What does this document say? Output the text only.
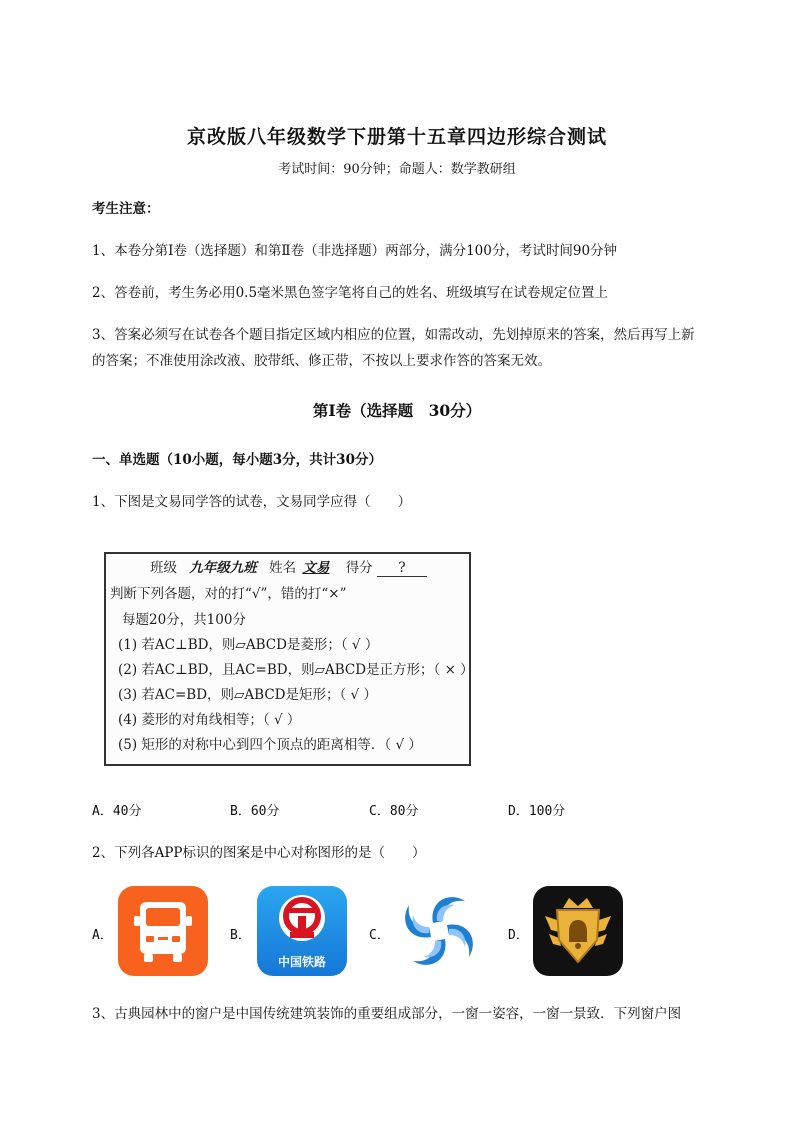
京改版八年级数学下册第十五章四边形综合测试
考试时间：90分钟；命题人：数学教研组
考生注意：
1、本卷分第I卷（选择题）和第Ⅱ卷（非选择题）两部分，满分100分，考试时间90分钟
2、答卷前，考生务必用0.5毫米黑色签字笔将自己的姓名、班级填写在试卷规定位置上
3、答案必须写在试卷各个题目指定区域内相应的位置，如需改动，先划掉原来的答案，然后再写上新
的答案；不准使用涂改液、胶带纸、修正带，不按以上要求作答的答案无效。
第I卷（选择题　30分）
一、单选题（10小题，每小题3分，共计30分）
1、下图是文易同学答的试卷，文易同学应得（　　）
班级 九年级九班 姓名 文易 得分 ?
判断下列各题，对的打“√”，错的打“×”
每题20分，共100分
(1) 若AC⊥BD，则▱ABCD是菱形；（ √ ）
(2) 若AC⊥BD，且AC=BD，则▱ABCD是正方形；（ × ）
(3) 若AC=BD，则▱ABCD是矩形；（ √ ）
(4) 菱形的对角线相等；（ √ ）
(5) 矩形的对称中心到四个顶点的距离相等．（ √ ）
A．40分	B．60分	C．80分	D．100分
2、下列各APP标识的图案是中心对称图形的是（　　）
A．	B．	C．	D．
中国铁路
3、古典园林中的窗户是中国传统建筑装饰的重要组成部分，一窗一姿容，一窗一景致．下列窗户图
